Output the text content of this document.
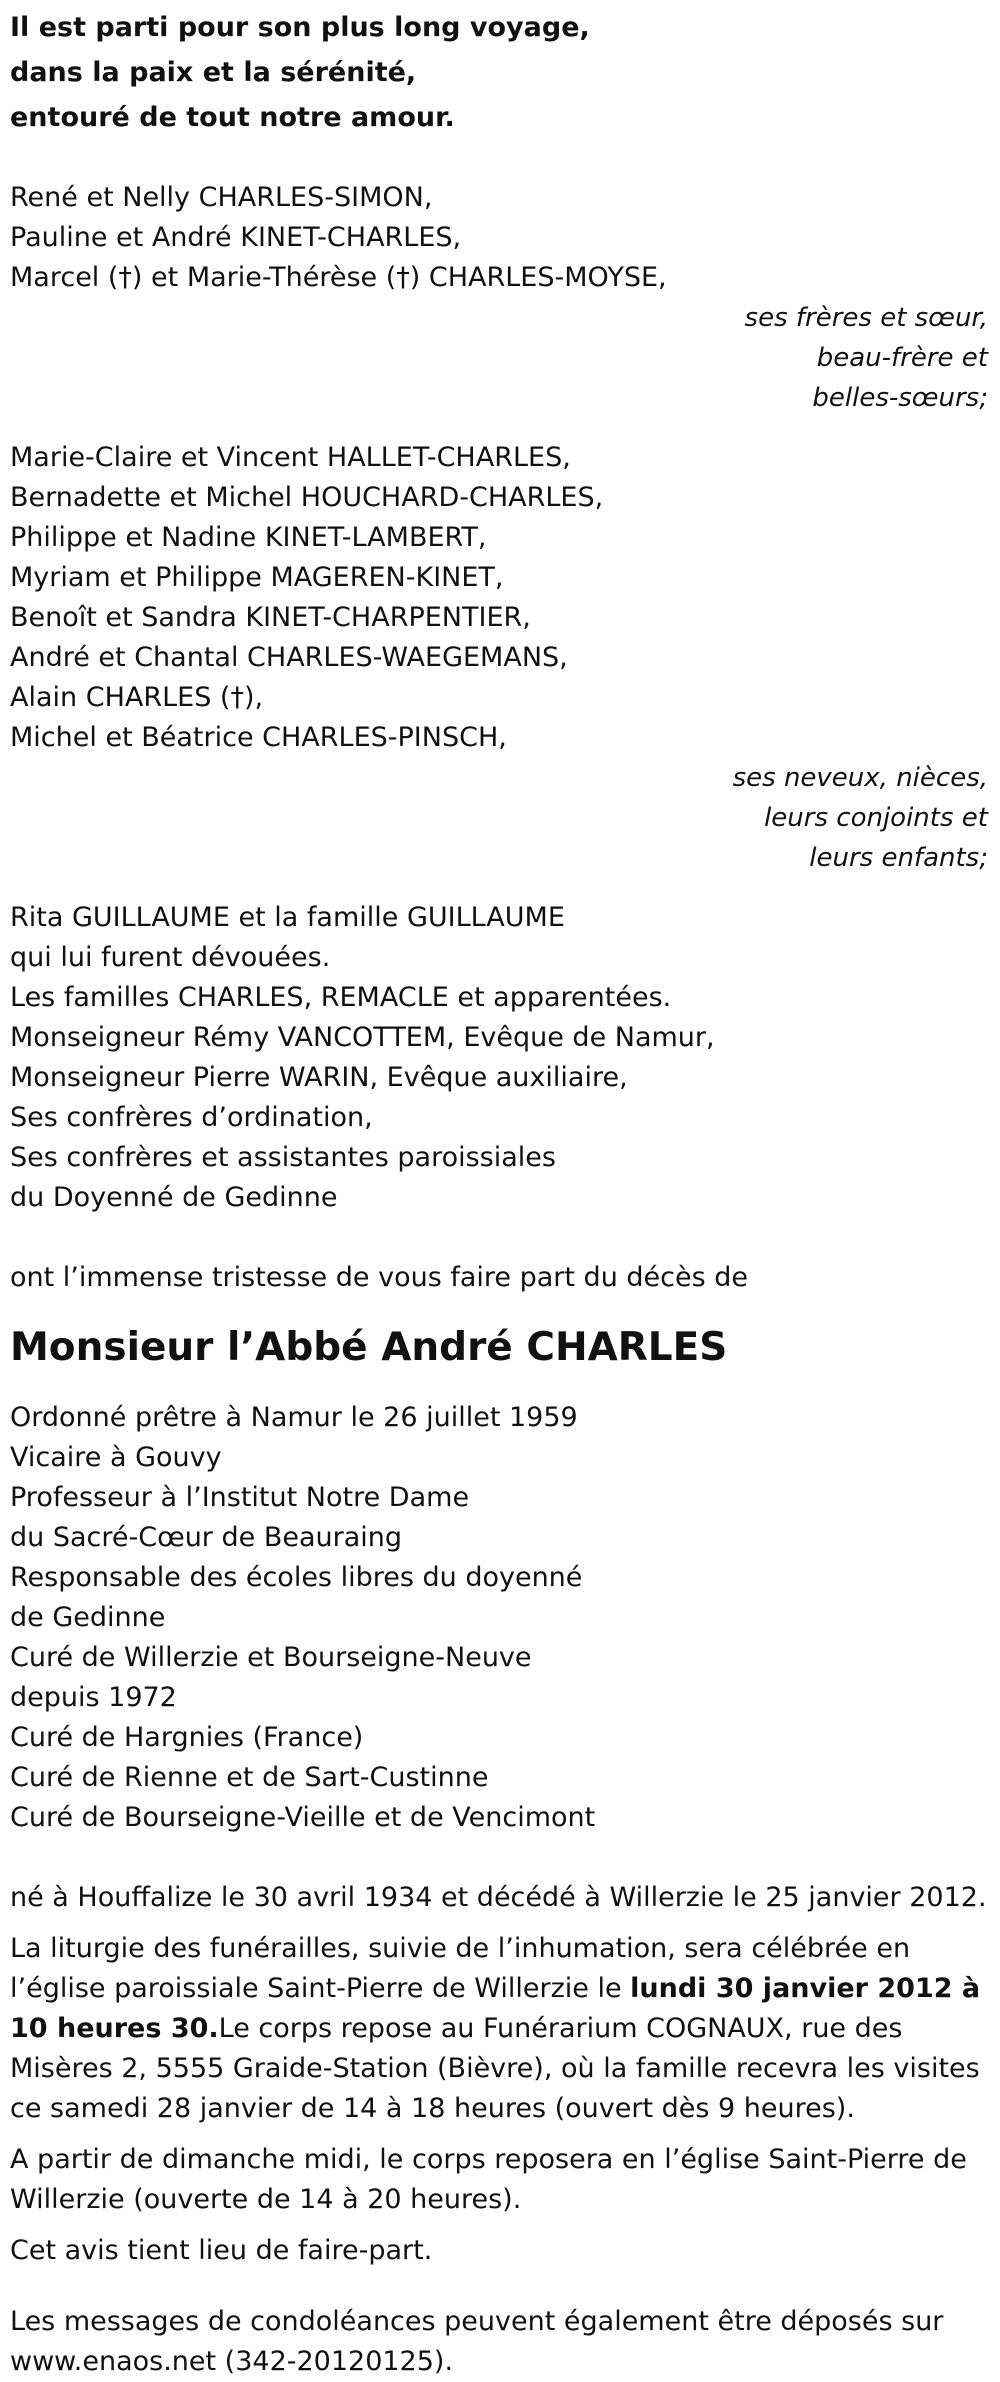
Il est parti pour son plus long voyage,
dans la paix et la sérénité,
entouré de tout notre amour.
René et Nelly CHARLES-SIMON,
Pauline et André KINET-CHARLES,
Marcel (†) et Marie-Thérèse (†) CHARLES-MOYSE,
ses frères et sœur,
beau-frère et
belles-sœurs;
Marie-Claire et Vincent HALLET-CHARLES,
Bernadette et Michel HOUCHARD-CHARLES,
Philippe et Nadine KINET-LAMBERT,
Myriam et Philippe MAGEREN-KINET,
Benoît et Sandra KINET-CHARPENTIER,
André et Chantal CHARLES-WAEGEMANS,
Alain CHARLES (†),
Michel et Béatrice CHARLES-PINSCH,
ses neveux, nièces,
leurs conjoints et
leurs enfants;
Rita GUILLAUME et la famille GUILLAUME
qui lui furent dévouées.
Les familles CHARLES, REMACLE et apparentées.
Monseigneur Rémy VANCOTTEM, Evêque de Namur,
Monseigneur Pierre WARIN, Evêque auxiliaire,
Ses confrères d’ordination,
Ses confrères et assistantes paroissiales
du Doyenné de Gedinne
ont l’immense tristesse de vous faire part du décès de
Monsieur l’Abbé André CHARLES
Ordonné prêtre à Namur le 26 juillet 1959
Vicaire à Gouvy
Professeur à l’Institut Notre Dame
du Sacré-Cœur de Beauraing
Responsable des écoles libres du doyenné
de Gedinne
Curé de Willerzie et Bourseigne-Neuve
depuis 1972
Curé de Hargnies (France)
Curé de Rienne et de Sart-Custinne
Curé de Bourseigne-Vieille et de Vencimont

né à Houffalize le 30 avril 1934 et décédé à Willerzie le 25 janvier 2012.

La liturgie des funérailles, suivie de l’inhumation, sera célébrée en l’église paroissiale Saint-Pierre de Willerzie le lundi 30 janvier 2012 à 10 heures 30.Le corps repose au Funérarium COGNAUX, rue des Misères 2, 5555 Graide-Station (Bièvre), où la famille recevra les visites ce samedi 28 janvier de 14 à 18 heures (ouvert dès 9 heures).

A partir de dimanche midi, le corps reposera en l’église Saint-Pierre de Willerzie (ouverte de 14 à 20 heures).

Cet avis tient lieu de faire-part.

Les messages de condoléances peuvent également être déposés sur www.enaos.net (342-20120125).
